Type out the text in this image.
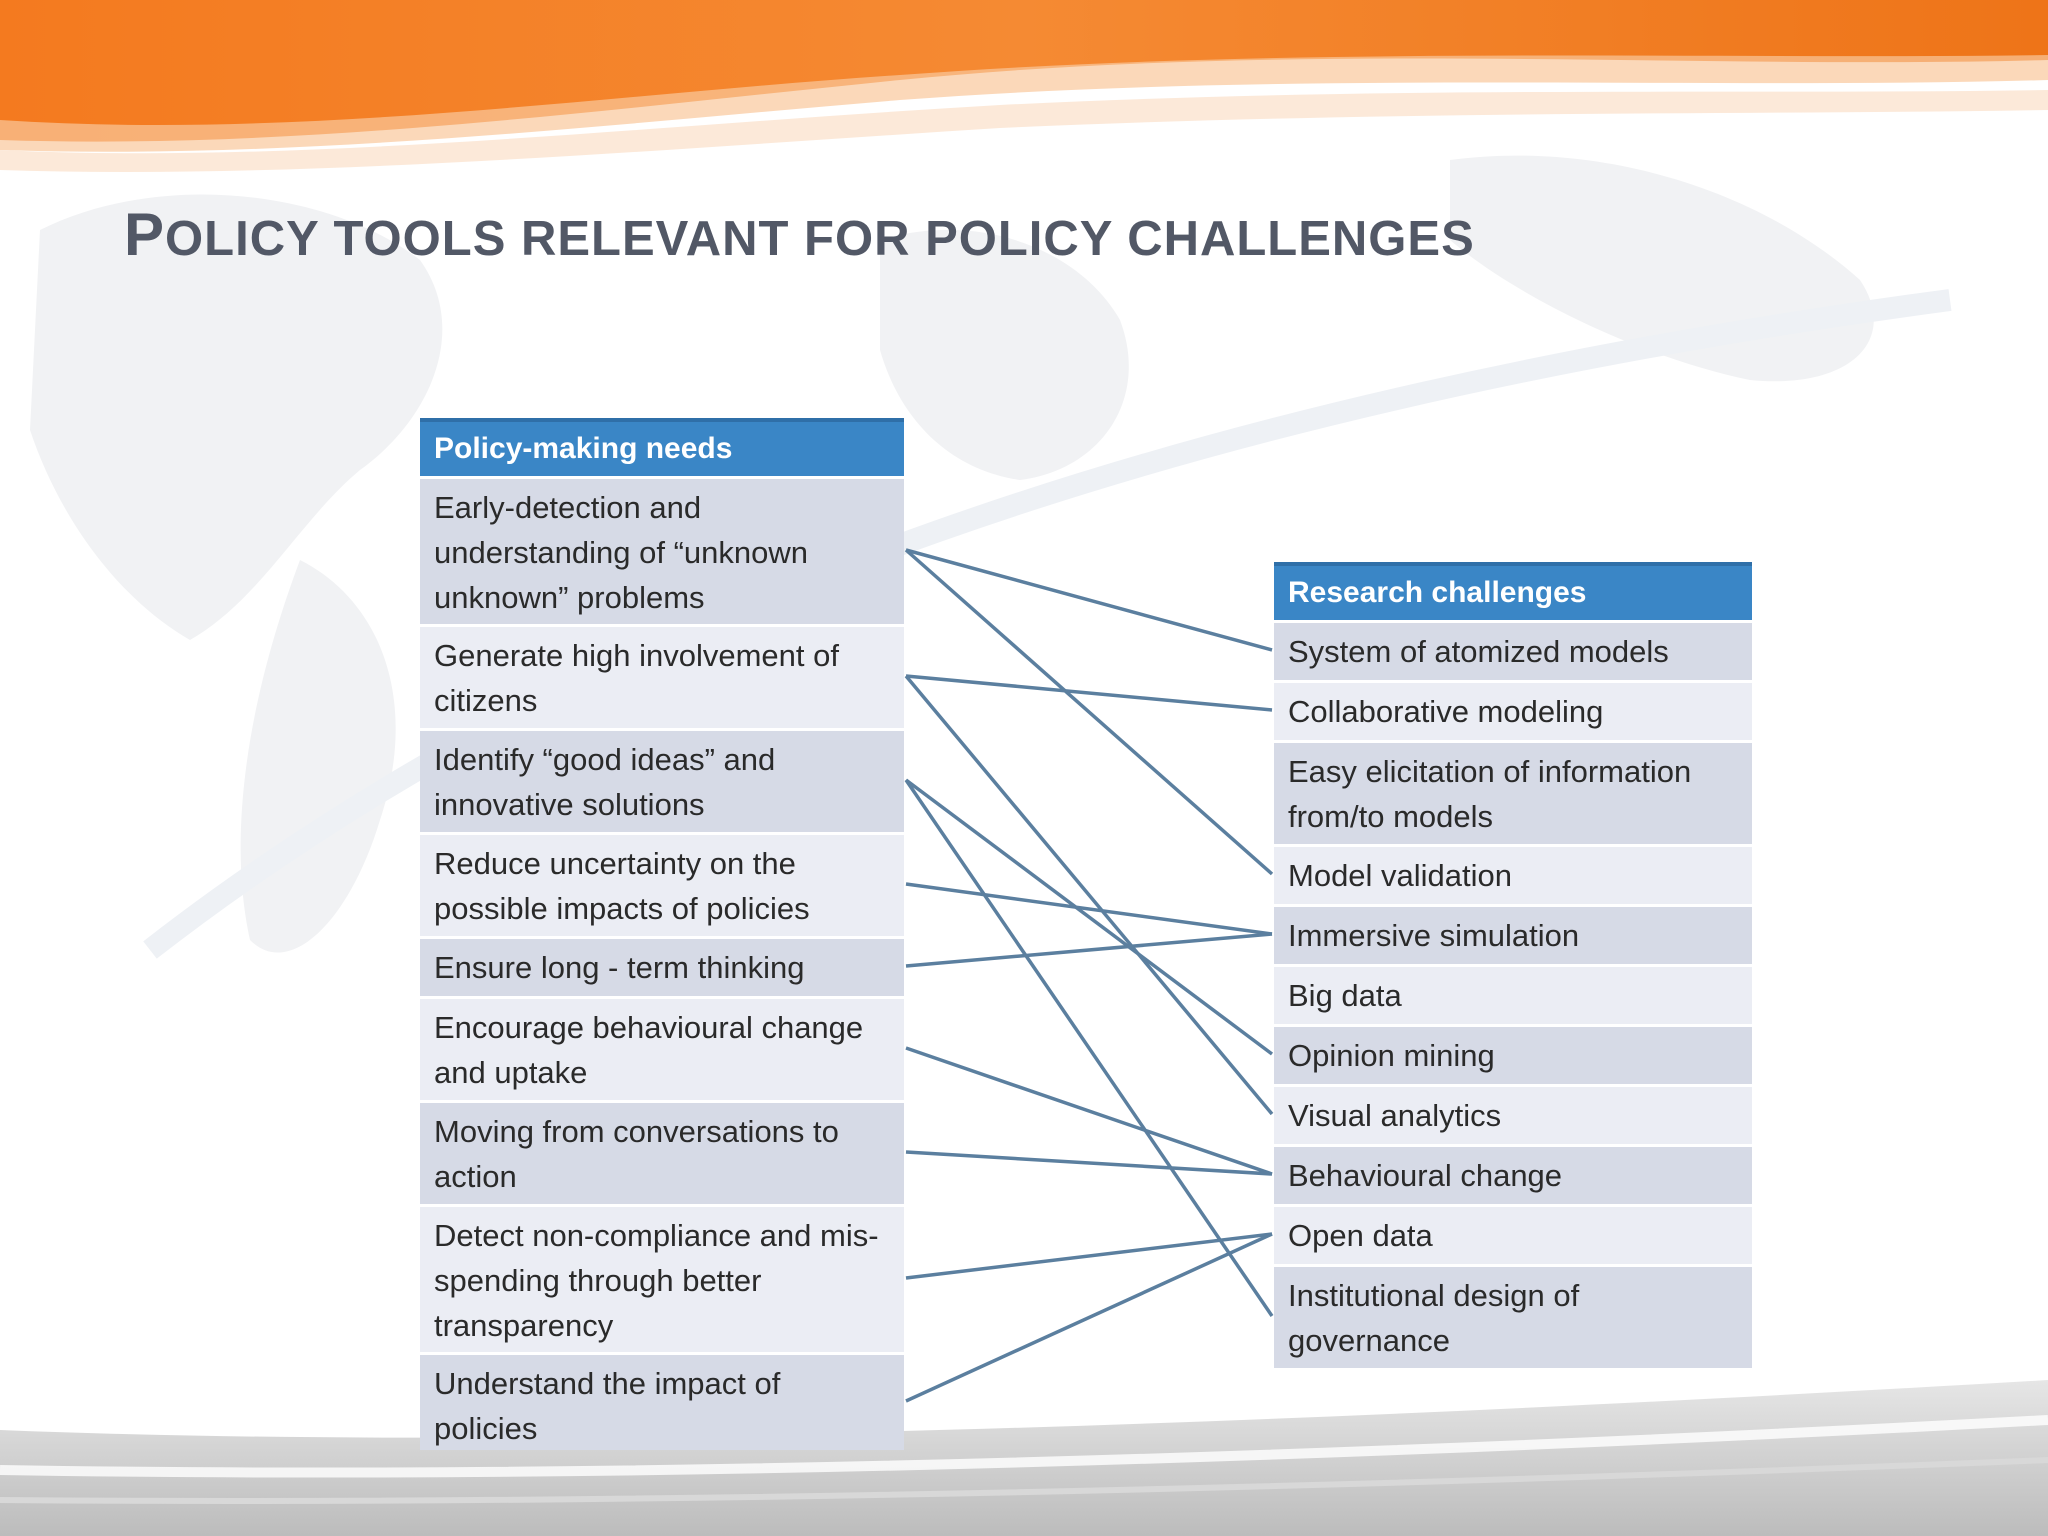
POLICY TOOLS RELEVANT FOR POLICY CHALLENGES
Policy-making needs
Early-detection and understanding of “unknown unknown” problems
Generate high involvement of citizens
Identify “good ideas” and innovative solutions
Reduce uncertainty on the possible impacts of policies
Ensure long - term thinking
Encourage behavioural change and uptake
Moving from conversations to action
Detect non-compliance and mis-spending through better transparency
Understand the impact of policies
Research challenges
System of atomized models
Collaborative modeling
Easy elicitation of information from/to models
Model validation
Immersive simulation
Big data
Opinion mining
Visual analytics
Behavioural change
Open data
Institutional design of governance
